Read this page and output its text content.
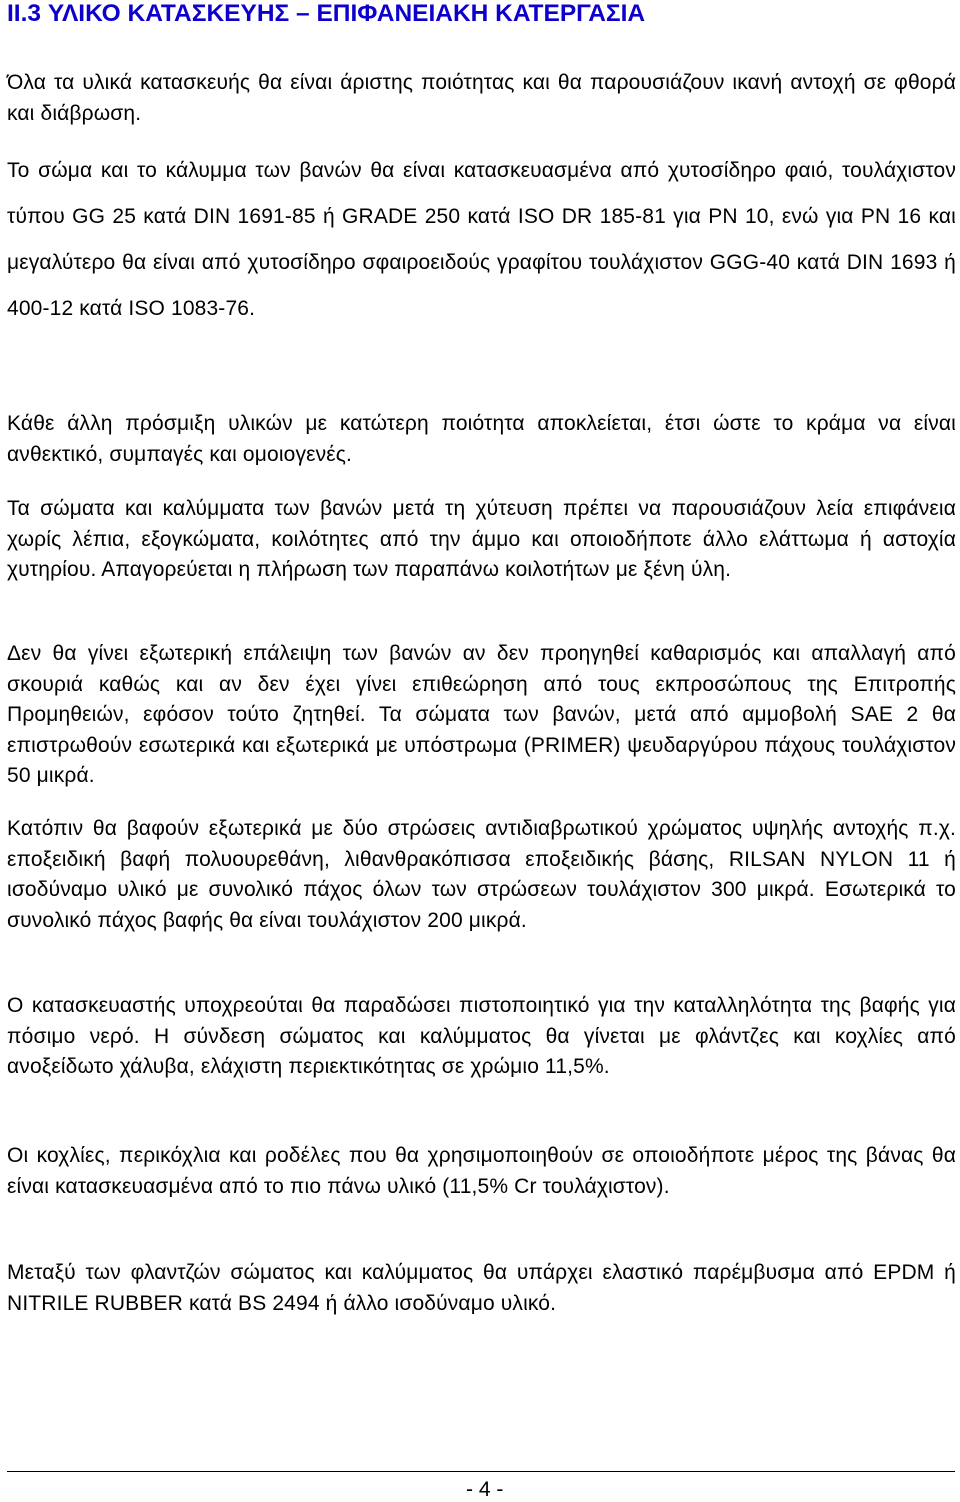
II.3 ΥΛΙΚΟ ΚΑΤΑΣΚΕΥΗΣ – ΕΠΙΦΑΝΕΙΑΚΗ ΚΑΤΕΡΓΑΣΙΑ
Όλα τα υλικά κατασκευής θα είναι άριστης ποιότητας και θα παρουσιάζουν ικανή αντοχή σε φθορά και διάβρωση.
Το σώμα και το κάλυμμα των βανών θα είναι κατασκευασμένα από χυτοσίδηρο φαιό, τουλάχιστον τύπου GG 25 κατά DIN 1691-85 ή GRADE 250 κατά ISO DR 185-81 για PN 10, ενώ για PN 16 και μεγαλύτερο θα είναι από χυτοσίδηρο σφαιροειδούς γραφίτου τουλάχιστον GGG-40 κατά DIN 1693 ή 400-12 κατά ISO 1083-76.
Κάθε άλλη πρόσμιξη υλικών με κατώτερη ποιότητα αποκλείεται, έτσι ώστε το κράμα να είναι ανθεκτικό, συμπαγές και ομοιογενές.
Τα σώματα και καλύμματα των βανών μετά τη χύτευση πρέπει να παρουσιάζουν λεία επιφάνεια χωρίς λέπια, εξογκώματα, κοιλότητες από την άμμο και οποιοδήποτε άλλο ελάττωμα ή αστοχία χυτηρίου. Απαγορεύεται η πλήρωση των παραπάνω κοιλοτήτων με ξένη ύλη.
Δεν θα γίνει εξωτερική επάλειψη των βανών αν δεν προηγηθεί καθαρισμός και απαλλαγή από σκουριά καθώς και αν δεν έχει γίνει επιθεώρηση από τους εκπροσώπους της Επιτροπής Προμηθειών, εφόσον τούτο ζητηθεί. Τα σώματα των βανών, μετά από αμμοβολή SAE 2 θα επιστρωθούν εσωτερικά και εξωτερικά με υπόστρωμα (PRIMER) ψευδαργύρου πάχους τουλάχιστον 50 μικρά.
Κατόπιν θα βαφούν εξωτερικά με δύο στρώσεις αντιδιαβρωτικού χρώματος υψηλής αντοχής π.χ. εποξειδική βαφή πολυουρεθάνη, λιθανθρακόπισσα εποξειδικής βάσης, RILSAN NYLON 11 ή ισοδύναμο υλικό με συνολικό πάχος όλων των στρώσεων τουλάχιστον 300 μικρά. Εσωτερικά το συνολικό πάχος βαφής θα είναι τουλάχιστον 200 μικρά.
Ο κατασκευαστής υποχρεούται θα παραδώσει πιστοποιητικό για την καταλληλότητα της βαφής για πόσιμο νερό. Η σύνδεση σώματος και καλύμματος θα γίνεται με φλάντζες και κοχλίες από ανοξείδωτο χάλυβα, ελάχιστη περιεκτικότητας σε χρώμιο 11,5%.
Οι κοχλίες, περικόχλια και ροδέλες που θα χρησιμοποιηθούν σε οποιοδήποτε μέρος της βάνας θα είναι κατασκευασμένα από το πιο πάνω υλικό (11,5% Cr τουλάχιστον).
Μεταξύ των φλαντζών σώματος και καλύμματος θα υπάρχει ελαστικό παρέμβυσμα από EPDM ή NITRILE RUBBER κατά BS 2494 ή άλλο ισοδύναμο υλικό.
- 4 -
